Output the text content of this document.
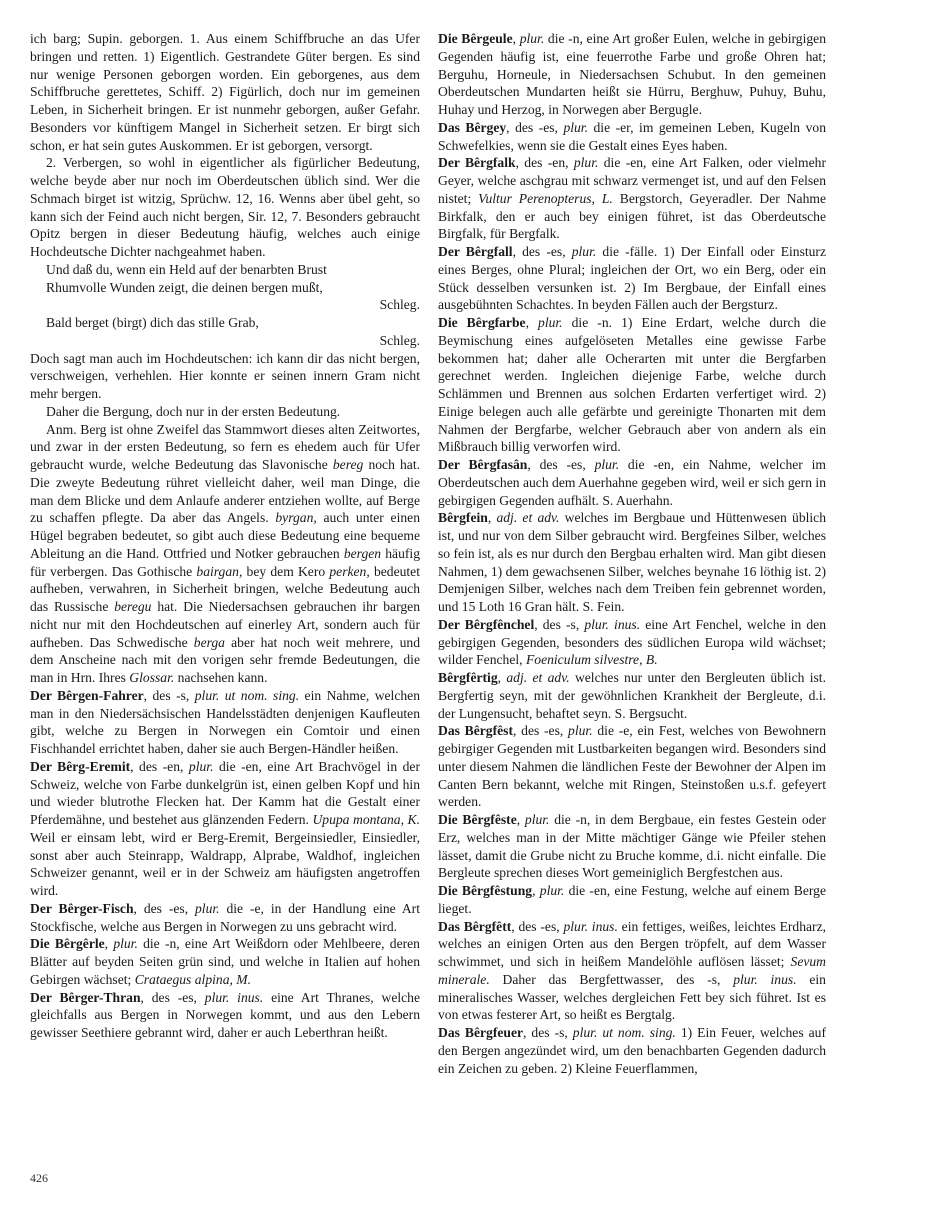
ich barg; Supin. geborgen. 1. Aus einem Schiffbruche an das Ufer bringen und retten. 1) Eigentlich. Gestrandete Güter bergen. Es sind nur wenige Personen geborgen worden. Ein geborgenes, aus dem Schiffbruche gerettetes, Schiff. 2) Figürlich, doch nur im gemeinen Leben, in Sicherheit bringen. Er ist nunmehr geborgen, außer Gefahr. Besonders vor künftigem Mangel in Sicherheit setzen. Er birgt sich schon, er hat sein gutes Auskommen. Er ist geborgen, versorgt.

2. Verbergen, so wohl in eigentlicher als figürlicher Bedeutung, welche beyde aber nur noch im Oberdeutschen üblich sind. Wer die Schmach birget ist witzig, Sprüchw. 12, 16. Wenns aber übel geht, so kann sich der Feind auch nicht bergen, Sir. 12, 7. Besonders gebraucht Opitz bergen in dieser Bedeutung häufig, welches auch einige Hochdeutsche Dichter nachgeahmet haben.

Und daß du, wenn ein Held auf der benarbten Brust

Rhumvolle Wunden zeigt, die deinen bergen mußt,

Schleg.

Bald berget (birgt) dich das stille Grab,

Schleg.

Doch sagt man auch im Hochdeutschen: ich kann dir das nicht bergen, verschweigen, verhehlen. Hier konnte er seinen innern Gram nicht mehr bergen.

Daher die Bergung, doch nur in der ersten Bedeutung.

Anm. Berg ist ohne Zweifel das Stammwort dieses alten Zeitwortes, und zwar in der ersten Bedeutung, so fern es ehedem auch für Ufer gebraucht wurde, welche Bedeutung das Slavonische bereg noch hat. Die zweyte Bedeutung rühret vielleicht daher, weil man Dinge, die man dem Blicke und dem Anlaufe anderer entziehen wollte, auf Berge zu schaffen pflegte. Da aber das Angels. byrgan, auch unter einen Hügel begraben bedeutet, so gibt auch diese Bedeutung eine bequeme Ableitung an die Hand. Ottfried und Notker gebrauchen bergen häufig für verbergen. Das Gothische bairgan, bey dem Kero perken, bedeutet aufheben, verwahren, in Sicherheit bringen, welche Bedeutung auch das Russische beregu hat. Die Niedersachsen gebrauchen ihr bargen nicht nur mit den Hochdeutschen auf einerley Art, sondern auch für aufheben. Das Schwedische berga aber hat noch weit mehrere, und dem Anscheine nach mit den vorigen sehr fremde Bedeutungen, die man in Hrn. Ihres Glossar. nachsehen kann.

Der Bêrgen-Fahrer, des -s, plur. ut nom. sing. ein Nahme, welchen man in den Niedersächsischen Handelsstädten denjenigen Kaufleuten gibt, welche zu Bergen in Norwegen ein Comtoir und einen Fischhandel errichtet haben, daher sie auch Bergen-Händler heißen.

Der Bêrg-Eremit, des -en, plur. die -en, eine Art Brachvögel in der Schweiz, welche von Farbe dunkelgrün ist, einen gelben Kopf und hin und wieder blutrothe Flecken hat. Der Kamm hat die Gestalt einer Pferdemähne, und bestehet aus glänzenden Federn. Upupa montana, K. Weil er einsam lebt, wird er Berg-Eremit, Bergeinsiedler, Einsiedler, sonst aber auch Steinrapp, Waldrapp, Alprabe, Waldhof, ingleichen Schweizer genannt, weil er in der Schweiz am häufigsten angetroffen wird.

Der Bêrger-Fisch, des -es, plur. die -e, in der Handlung eine Art Stockfische, welche aus Bergen in Norwegen zu uns gebracht wird.

Die Bêrgêrle, plur. die -n, eine Art Weißdorn oder Mehlbeere, deren Blätter auf beyden Seiten grün sind, und welche in Italien auf hohen Gebirgen wächset; Crataegus alpina, M.

Der Bêrger-Thran, des -es, plur. inus. eine Art Thranes, welche gleichfalls aus Bergen in Norwegen kommt, und aus den Lebern gewisser Seethiere gebrannt wird, daher er auch Leberthran heißt.

Die Bêrgeule, plur. die -n, eine Art großer Eulen, welche in gebirgigen Gegenden häufig ist, eine feuerrothe Farbe und große Ohren hat; Berguhu, Horneule, in Niedersachsen Schubut. In den gemeinen Oberdeutschen Mundarten heißt sie Hürru, Berghuw, Puhuy, Buhu, Huhay und Herzog, in Norwegen aber Bergugle.

Das Bêrgey, des -es, plur. die -er, im gemeinen Leben, Kugeln von Schwefelkies, wenn sie die Gestalt eines Eyes haben.

Der Bêrgfalk, des -en, plur. die -en, eine Art Falken, oder vielmehr Geyer, welche aschgrau mit schwarz vermenget ist, und auf den Felsen nistet; Vultur Perenopterus, L. Bergstorch, Geyeradler. Der Nahme Birkfalk, den er auch bey einigen führet, ist das Oberdeutsche Birgfalk, für Bergfalk.

Der Bêrgfall, des -es, plur. die -fälle. 1) Der Einfall oder Einsturz eines Berges, ohne Plural; ingleichen der Ort, wo ein Berg, oder ein Stück desselben versunken ist. 2) Im Bergbaue, der Einfall eines ausgebühnten Schachtes. In beyden Fällen auch der Bergsturz.

Die Bêrgfarbe, plur. die -n. 1) Eine Erdart, welche durch die Beymischung eines aufgelöseten Metalles eine gewisse Farbe bekommen hat; daher alle Ocherarten mit unter die Bergfarben gerechnet werden. Ingleichen diejenige Farbe, welche durch Schlämmen und Brennen aus solchen Erdarten verfertiget wird. 2) Einige belegen auch alle gefärbte und gereinigte Thonarten mit dem Nahmen der Bergfarbe, welcher Gebrauch aber von andern als ein Mißbrauch billig verworfen wird.

Der Bêrgfasân, des -es, plur. die -en, ein Nahme, welcher im Oberdeutschen auch dem Auerhahne gegeben wird, weil er sich gern in gebirgigen Gegenden aufhält. S. Auerhahn.

Bêrgfein, adj. et adv. welches im Bergbaue und Hüttenwesen üblich ist, und nur von dem Silber gebraucht wird. Bergfeines Silber, welches so fein ist, als es nur durch den Bergbau erhalten wird. Man gibt diesen Nahmen, 1) dem gewachsenen Silber, welches beynahe 16 löthig ist. 2) Demjenigen Silber, welches nach dem Treiben fein gebrennet worden, und 15 Loth 16 Gran hält. S. Fein.

Der Bêrgfênchel, des -s, plur. inus. eine Art Fenchel, welche in den gebirgigen Gegenden, besonders des südlichen Europa wild wächset; wilder Fenchel, Foeniculum silvestre, B.

Bêrgfêrtig, adj. et adv. welches nur unter den Bergleuten üblich ist. Bergfertig seyn, mit der gewöhnlichen Krankheit der Bergleute, d.i. der Lungensucht, behaftet seyn. S. Bergsucht.

Das Bêrgfêst, des -es, plur. die -e, ein Fest, welches von Bewohnern gebirgiger Gegenden mit Lustbarkeiten begangen wird. Besonders sind unter diesem Nahmen die ländlichen Feste der Bewohner der Alpen im Canten Bern bekannt, welche mit Ringen, Steinstoßen u.s.f. gefeyert werden.

Die Bêrgfêste, plur. die -n, in dem Bergbaue, ein festes Gestein oder Erz, welches man in der Mitte mächtiger Gänge wie Pfeiler stehen lässet, damit die Grube nicht zu Bruche komme, d.i. nicht einfalle. Die Bergleute sprechen dieses Wort gemeiniglich Bergfestchen aus.

Die Bêrgfêstung, plur. die -en, eine Festung, welche auf einem Berge lieget.

Das Bêrgfêtt, des -es, plur. inus. ein fettiges, weißes, leichtes Erdharz, welches an einigen Orten aus den Bergen tröpfelt, auf dem Wasser schwimmet, und sich in heißem Mandelöhle auflösen lässet; Sevum minerale. Daher das Bergfettwasser, des -s, plur. inus. ein mineralisches Wasser, welches dergleichen Fett bey sich führet. Ist es von etwas festerer Art, so heißt es Bergtalg.

Das Bêrgfeuer, des -s, plur. ut nom. sing. 1) Ein Feuer, welches auf den Bergen angezündet wird, um den benachbarten Gegenden dadurch ein Zeichen zu geben. 2) Kleine Feuerflammen,

426
